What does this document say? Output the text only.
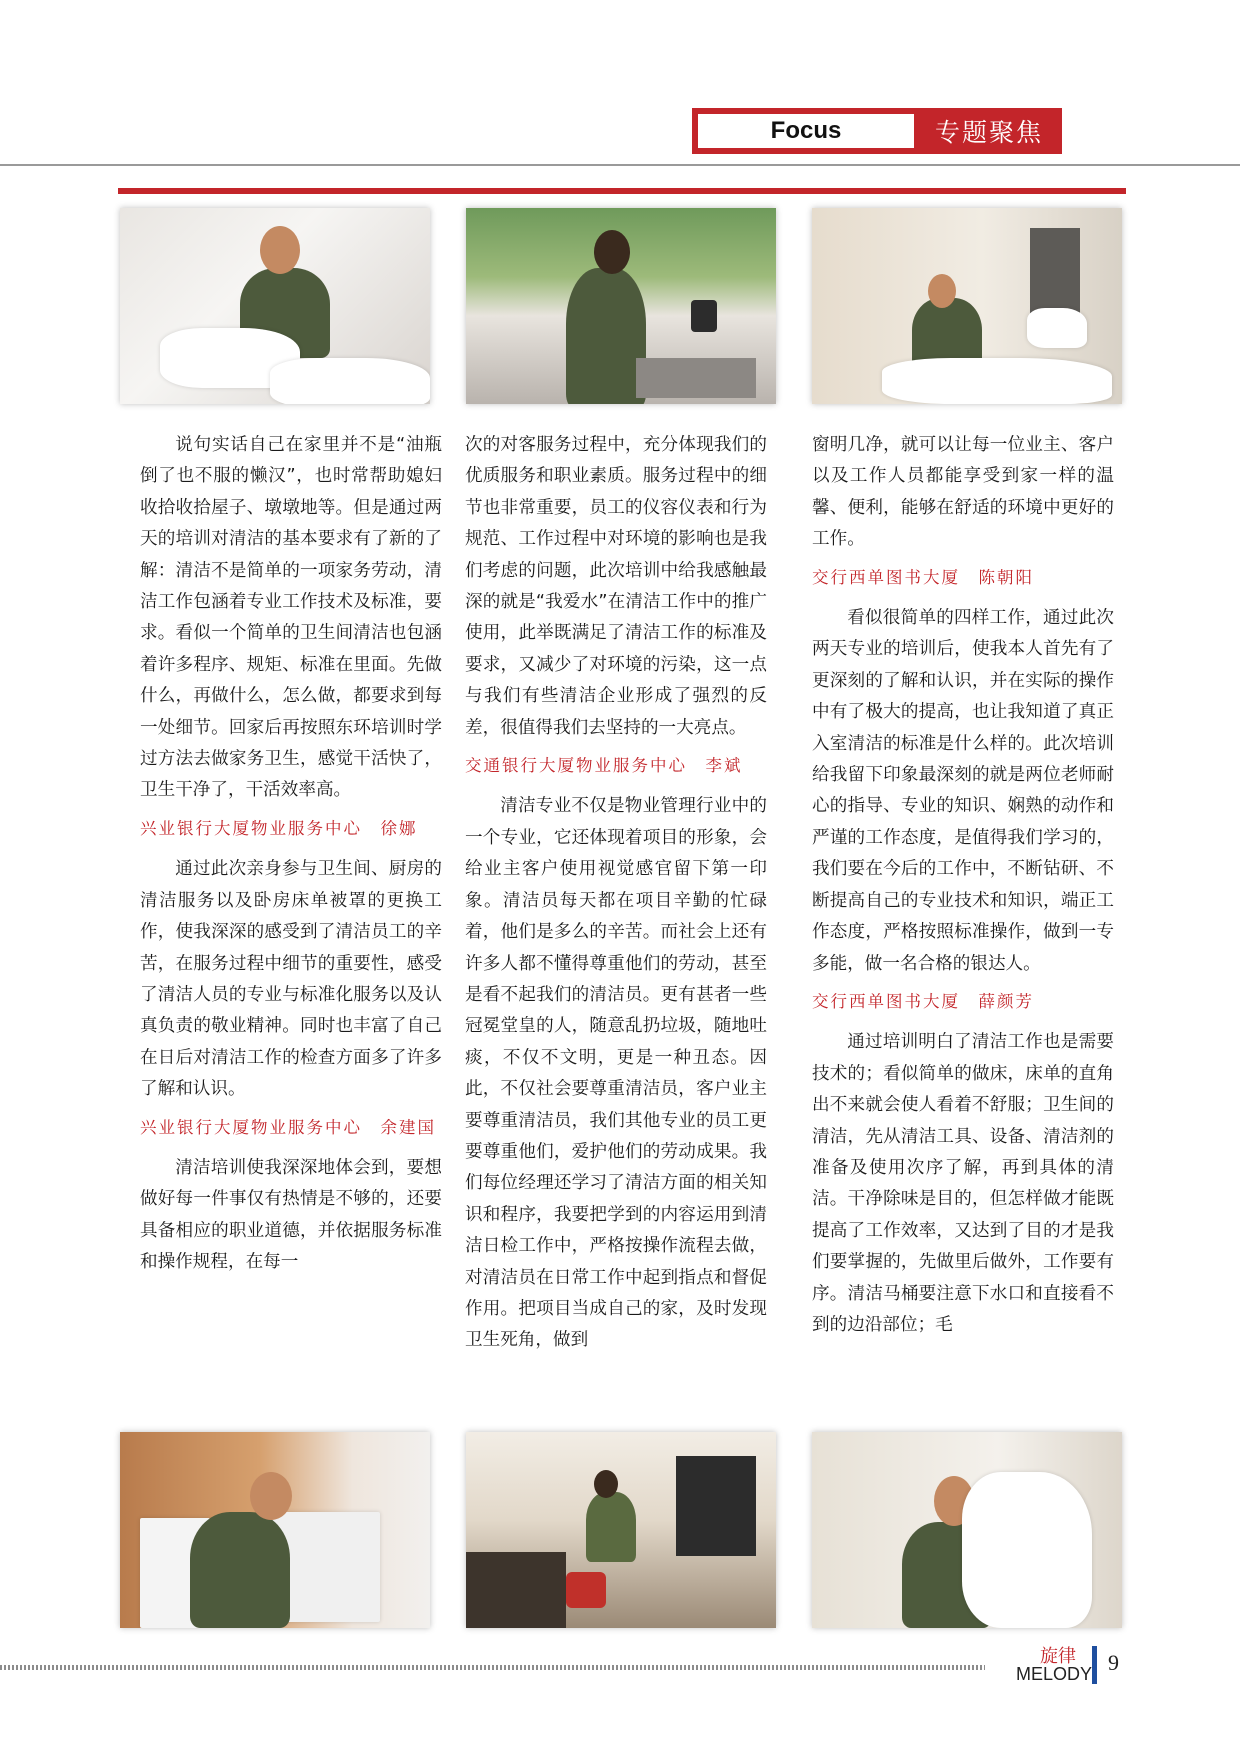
Focus	专题聚焦

说句实话自己在家里并不是“油瓶倒了也不服的懒汉”，也时常帮助媳妇收拾收拾屋子、墩墩地等。但是通过两天的培训对清洁的基本要求有了新的了解：清洁不是简单的一项家务劳动，清洁工作包涵着专业工作技术及标准，要求。看似一个简单的卫生间清洁也包涵着许多程序、规矩、标准在里面。先做什么，再做什么，怎么做，都要求到每一处细节。回家后再按照东环培训时学过方法去做家务卫生，感觉干活快了，卫生干净了，干活效率高。

兴业银行大厦物业服务中心　徐娜

通过此次亲身参与卫生间、厨房的清洁服务以及卧房床单被罩的更换工作，使我深深的感受到了清洁员工的辛苦，在服务过程中细节的重要性，感受了清洁人员的专业与标准化服务以及认真负责的敬业精神。同时也丰富了自己在日后对清洁工作的检查方面多了许多了解和认识。

兴业银行大厦物业服务中心　余建国

清洁培训使我深深地体会到，要想做好每一件事仅有热情是不够的，还要具备相应的职业道德，并依据服务标准和操作规程，在每一

次的对客服务过程中，充分体现我们的优质服务和职业素质。服务过程中的细节也非常重要，员工的仪容仪表和行为规范、工作过程中对环境的影响也是我们考虑的问题，此次培训中给我感触最深的就是“我爱水”在清洁工作中的推广使用，此举既满足了清洁工作的标准及要求，又减少了对环境的污染，这一点与我们有些清洁企业形成了强烈的反差，很值得我们去坚持的一大亮点。

交通银行大厦物业服务中心　李斌

清洁专业不仅是物业管理行业中的一个专业，它还体现着项目的形象，会给业主客户使用视觉感官留下第一印象。清洁员每天都在项目辛勤的忙碌着，他们是多么的辛苦。而社会上还有许多人都不懂得尊重他们的劳动，甚至是看不起我们的清洁员。更有甚者一些冠冕堂皇的人，随意乱扔垃圾，随地吐痰，不仅不文明，更是一种丑态。因此，不仅社会要尊重清洁员，客户业主要尊重清洁员，我们其他专业的员工更要尊重他们，爱护他们的劳动成果。我们每位经理还学习了清洁方面的相关知识和程序，我要把学到的内容运用到清洁日检工作中，严格按操作流程去做，对清洁员在日常工作中起到指点和督促作用。把项目当成自己的家，及时发现卫生死角，做到

窗明几净，就可以让每一位业主、客户以及工作人员都能享受到家一样的温馨、便利，能够在舒适的环境中更好的工作。

交行西单图书大厦　陈朝阳

看似很简单的四样工作，通过此次两天专业的培训后，使我本人首先有了更深刻的了解和认识，并在实际的操作中有了极大的提高，也让我知道了真正入室清洁的标准是什么样的。此次培训给我留下印象最深刻的就是两位老师耐心的指导、专业的知识、娴熟的动作和严谨的工作态度，是值得我们学习的，我们要在今后的工作中，不断钻研、不断提高自己的专业技术和知识，端正工作态度，严格按照标准操作，做到一专多能，做一名合格的银达人。

交行西单图书大厦　薛颜芳

通过培训明白了清洁工作也是需要技术的；看似简单的做床，床单的直角出不来就会使人看着不舒服；卫生间的清洁，先从清洁工具、设备、清洁剂的准备及使用次序了解，再到具体的清洁。干净除味是目的，但怎样做才能既提高了工作效率，又达到了目的才是我们要掌握的，先做里后做外，工作要有序。清洁马桶要注意下水口和直接看不到的边沿部位；毛

旋律
MELODY 9
